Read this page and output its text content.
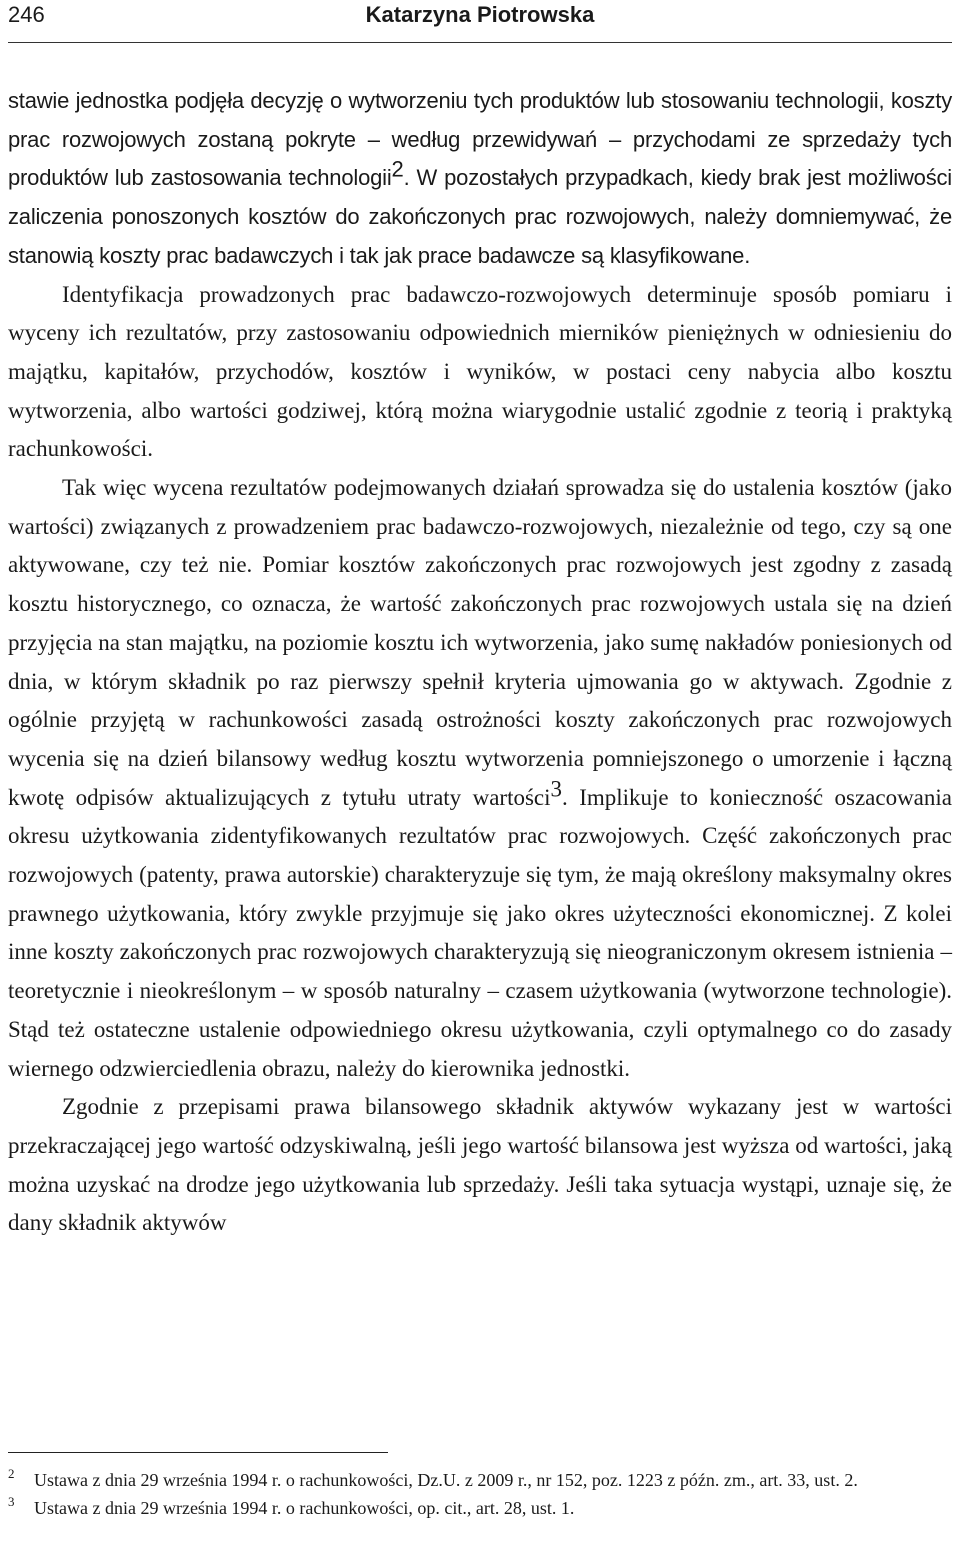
246	Katarzyna Piotrowska

stawie jednostka podjęła decyzję o wytworzeniu tych produktów lub stosowaniu technologii, koszty prac rozwojowych zostaną pokryte – według przewidywań – przychodami ze sprzedaży tych produktów lub zastosowania technologii$^2$. W pozostałych przypadkach, kiedy brak jest możliwości zaliczenia ponoszonych kosztów do zakończonych prac rozwojowych, należy domniemywać, że stanowią koszty prac badawczych i tak jak prace badawcze są klasyfikowane.

Identyfikacja prowadzonych prac badawczo-rozwojowych determinuje sposób pomiaru i wyceny ich rezultatów, przy zastosowaniu odpowiednich mierników pieniężnych w odniesieniu do majątku, kapitałów, przychodów, kosztów i wyników, w postaci ceny nabycia albo kosztu wytworzenia, albo wartości godziwej, którą można wiarygodnie ustalić zgodnie z teorią i praktyką rachunkowości.

Tak więc wycena rezultatów podejmowanych działań sprowadza się do ustalenia kosztów (jako wartości) związanych z prowadzeniem prac badawczo-rozwojowych, niezależnie od tego, czy są one aktywowane, czy też nie. Pomiar kosztów zakończonych prac rozwojowych jest zgodny z zasadą kosztu historycznego, co oznacza, że wartość zakończonych prac rozwojowych ustala się na dzień przyjęcia na stan majątku, na poziomie kosztu ich wytworzenia, jako sumę nakładów poniesionych od dnia, w którym składnik po raz pierwszy spełnił kryteria ujmowania go w aktywach. Zgodnie z ogólnie przyjętą w rachunkowości zasadą ostrożności koszty zakończonych prac rozwojowych wycenia się na dzień bilansowy według kosztu wytworzenia pomniejszonego o umorzenie i łączną kwotę odpisów aktualizujących z tytułu utraty wartości$^3$. Implikuje to konieczność oszacowania okresu użytkowania zidentyfikowanych rezultatów prac rozwojowych. Część zakończonych prac rozwojowych (patenty, prawa autorskie) charakteryzuje się tym, że mają określony maksymalny okres prawnego użytkowania, który zwykle przyjmuje się jako okres użyteczności ekonomicznej. Z kolei inne koszty zakończonych prac rozwojowych charakteryzują się nieograniczonym okresem istnienia – teoretycznie i nieokreślonym – w sposób naturalny – czasem użytkowania (wytworzone technologie). Stąd też ostateczne ustalenie odpowiedniego okresu użytkowania, czyli optymalnego co do zasady wiernego odzwierciedlenia obrazu, należy do kierownika jednostki.

Zgodnie z przepisami prawa bilansowego składnik aktywów wykazany jest w wartości przekraczającej jego wartość odzyskiwalną, jeśli jego wartość bilansowa jest wyższa od wartości, jaką można uzyskać na drodze jego użytkowania lub sprzedaży. Jeśli taka sytuacja wystąpi, uznaje się, że dany składnik aktywów

2 Ustawa z dnia 29 września 1994 r. o rachunkowości, Dz.U. z 2009 r., nr 152, poz. 1223 z późn. zm., art. 33, ust. 2.

3 Ustawa z dnia 29 września 1994 r. o rachunkowości, op. cit., art. 28, ust. 1.
